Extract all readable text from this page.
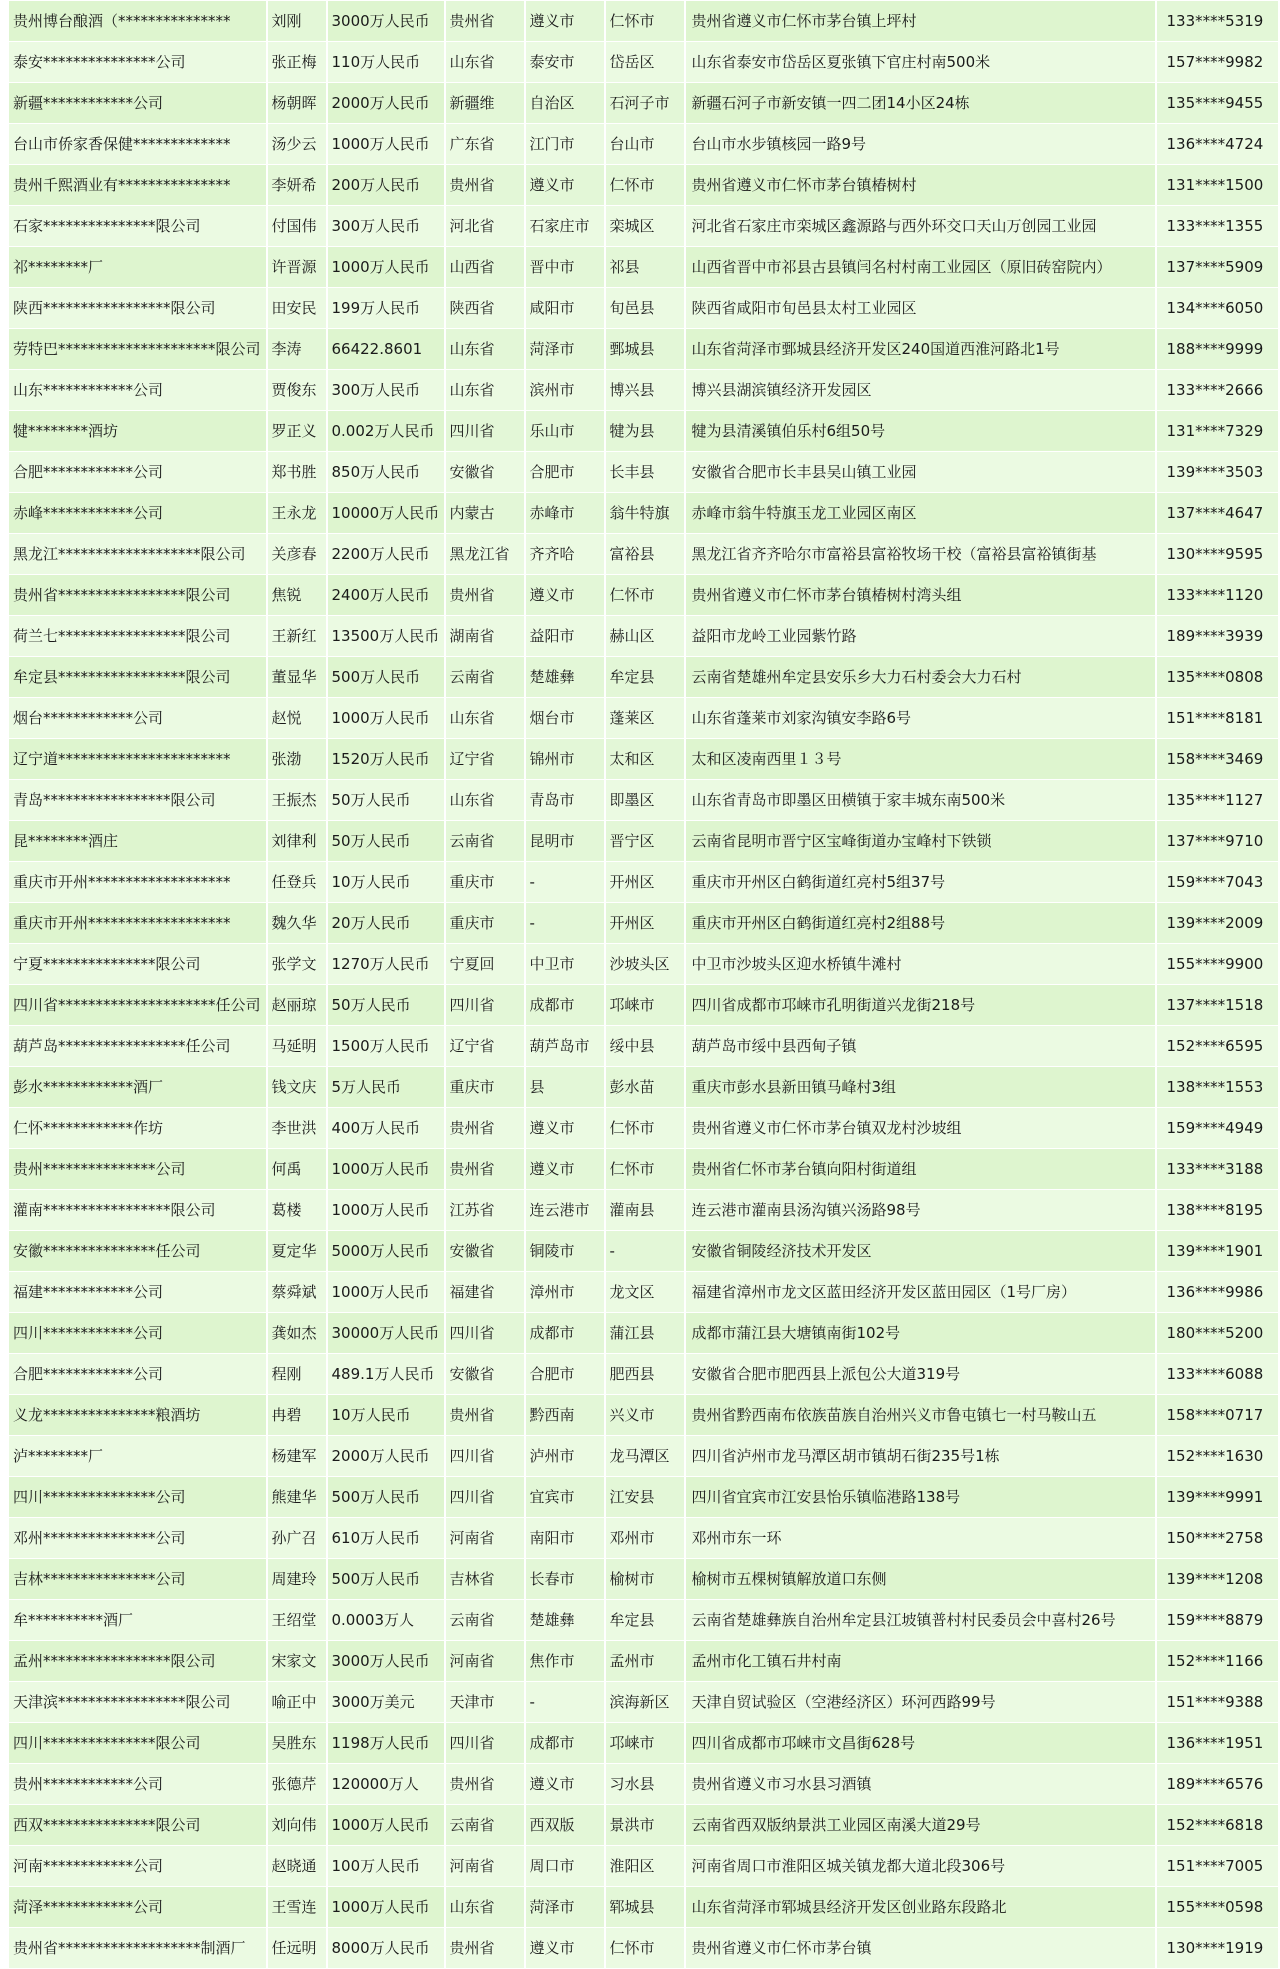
贵州博台酿酒（***************	刘刚	3000万人民币	贵州省	遵义市	仁怀市	贵州省遵义市仁怀市茅台镇上坪村	133****5319
泰安***************公司	张正梅	110万人民币	山东省	泰安市	岱岳区	山东省泰安市岱岳区夏张镇下官庄村南500米	157****9982
新疆************公司	杨朝晖	2000万人民币	新疆维	自治区	石河子市	新疆石河子市新安镇一四二团14小区24栋	135****9455
台山市侨家香保健*************	汤少云	1000万人民币	广东省	江门市	台山市	台山市水步镇核园一路9号	136****4724
贵州千熙酒业有***************	李妍希	200万人民币	贵州省	遵义市	仁怀市	贵州省遵义市仁怀市茅台镇椿树村	131****1500
石家***************限公司	付国伟	300万人民币	河北省	石家庄市	栾城区	河北省石家庄市栾城区鑫源路与西外环交口天山万创园工业园	133****1355
祁********厂	许晋源	1000万人民币	山西省	晋中市	祁县	山西省晋中市祁县古县镇闫名村村南工业园区（原旧砖窑院内）	137****5909
陕西*****************限公司	田安民	199万人民币	陕西省	咸阳市	旬邑县	陕西省咸阳市旬邑县太村工业园区	134****6050
劳特巴*********************限公司	李涛	66422.8601	山东省	菏泽市	鄄城县	山东省菏泽市鄄城县经济开发区240国道西淮河路北1号	188****9999
山东************公司	贾俊东	300万人民币	山东省	滨州市	博兴县	博兴县湖滨镇经济开发园区	133****2666
犍********酒坊	罗正义	0.002万人民币	四川省	乐山市	犍为县	犍为县清溪镇伯乐村6组50号	131****7329
合肥************公司	郑书胜	850万人民币	安徽省	合肥市	长丰县	安徽省合肥市长丰县吴山镇工业园	139****3503
赤峰************公司	王永龙	10000万人民币	内蒙古	赤峰市	翁牛特旗	赤峰市翁牛特旗玉龙工业园区南区	137****4647
黑龙江*******************限公司	关彦春	2200万人民币	黑龙江省	齐齐哈	富裕县	黑龙江省齐齐哈尔市富裕县富裕牧场干校（富裕县富裕镇街基	130****9595
贵州省*****************限公司	焦锐	2400万人民币	贵州省	遵义市	仁怀市	贵州省遵义市仁怀市茅台镇椿树村湾头组	133****1120
荷兰七*****************限公司	王新红	13500万人民币	湖南省	益阳市	赫山区	益阳市龙岭工业园紫竹路	189****3939
牟定县*****************限公司	董显华	500万人民币	云南省	楚雄彝	牟定县	云南省楚雄州牟定县安乐乡大力石村委会大力石村	135****0808
烟台************公司	赵悦	1000万人民币	山东省	烟台市	蓬莱区	山东省蓬莱市刘家沟镇安李路6号	151****8181
辽宁道***********************	张渤	1520万人民币	辽宁省	锦州市	太和区	太和区凌南西里１３号	158****3469
青岛*****************限公司	王振杰	50万人民币	山东省	青岛市	即墨区	山东省青岛市即墨区田横镇于家丰城东南500米	135****1127
昆********酒庄	刘律利	50万人民币	云南省	昆明市	晋宁区	云南省昆明市晋宁区宝峰街道办宝峰村下铁锁	137****9710
重庆市开州*******************	任登兵	10万人民币	重庆市	-	开州区	重庆市开州区白鹤街道红亮村5组37号	159****7043
重庆市开州*******************	魏久华	20万人民币	重庆市	-	开州区	重庆市开州区白鹤街道红亮村2组88号	139****2009
宁夏***************限公司	张学文	1270万人民币	宁夏回	中卫市	沙坡头区	中卫市沙坡头区迎水桥镇牛滩村	155****9900
四川省*********************任公司	赵丽琼	50万人民币	四川省	成都市	邛崃市	四川省成都市邛崃市孔明街道兴龙街218号	137****1518
葫芦岛*****************任公司	马延明	1500万人民币	辽宁省	葫芦岛市	绥中县	葫芦岛市绥中县西甸子镇	152****6595
彭水************酒厂	钱文庆	5万人民币	重庆市	县	彭水苗	重庆市彭水县新田镇马峰村3组	138****1553
仁怀************作坊	李世洪	400万人民币	贵州省	遵义市	仁怀市	贵州省遵义市仁怀市茅台镇双龙村沙坡组	159****4949
贵州***************公司	何禹	1000万人民币	贵州省	遵义市	仁怀市	贵州省仁怀市茅台镇向阳村街道组	133****3188
灌南*****************限公司	葛楼	1000万人民币	江苏省	连云港市	灌南县	连云港市灌南县汤沟镇兴汤路98号	138****8195
安徽***************任公司	夏定华	5000万人民币	安徽省	铜陵市	-	安徽省铜陵经济技术开发区	139****1901
福建************公司	蔡舜斌	1000万人民币	福建省	漳州市	龙文区	福建省漳州市龙文区蓝田经济开发区蓝田园区（1号厂房）	136****9986
四川************公司	龚如杰	30000万人民币	四川省	成都市	蒲江县	成都市蒲江县大塘镇南街102号	180****5200
合肥************公司	程刚	489.1万人民币	安徽省	合肥市	肥西县	安徽省合肥市肥西县上派包公大道319号	133****6088
义龙***************粮酒坊	冉碧	10万人民币	贵州省	黔西南	兴义市	贵州省黔西南布依族苗族自治州兴义市鲁屯镇七一村马鞍山五	158****0717
泸********厂	杨建军	2000万人民币	四川省	泸州市	龙马潭区	四川省泸州市龙马潭区胡市镇胡石街235号1栋	152****1630
四川***************公司	熊建华	500万人民币	四川省	宜宾市	江安县	四川省宜宾市江安县怡乐镇临港路138号	139****9991
邓州***************公司	孙广召	610万人民币	河南省	南阳市	邓州市	邓州市东一环	150****2758
吉林***************公司	周建玲	500万人民币	吉林省	长春市	榆树市	榆树市五棵树镇解放道口东侧	139****1208
牟**********酒厂	王绍堂	0.0003万人	云南省	楚雄彝	牟定县	云南省楚雄彝族自治州牟定县江坡镇普村村民委员会中喜村26号	159****8879
孟州*****************限公司	宋家文	3000万人民币	河南省	焦作市	孟州市	孟州市化工镇石井村南	152****1166
天津滨*****************限公司	喻正中	3000万美元	天津市	-	滨海新区	天津自贸试验区（空港经济区）环河西路99号	151****9388
四川***************限公司	吴胜东	1198万人民币	四川省	成都市	邛崃市	四川省成都市邛崃市文昌街628号	136****1951
贵州************公司	张德芹	120000万人	贵州省	遵义市	习水县	贵州省遵义市习水县习酒镇	189****6576
西双***************限公司	刘向伟	1000万人民币	云南省	西双版	景洪市	云南省西双版纳景洪工业园区南溪大道29号	152****6818
河南************公司	赵晓通	100万人民币	河南省	周口市	淮阳区	河南省周口市淮阳区城关镇龙都大道北段306号	151****7005
菏泽************公司	王雪连	1000万人民币	山东省	菏泽市	郓城县	山东省菏泽市郓城县经济开发区创业路东段路北	155****0598
贵州省*******************制酒厂	任远明	8000万人民币	贵州省	遵义市	仁怀市	贵州省遵义市仁怀市茅台镇	130****1919
